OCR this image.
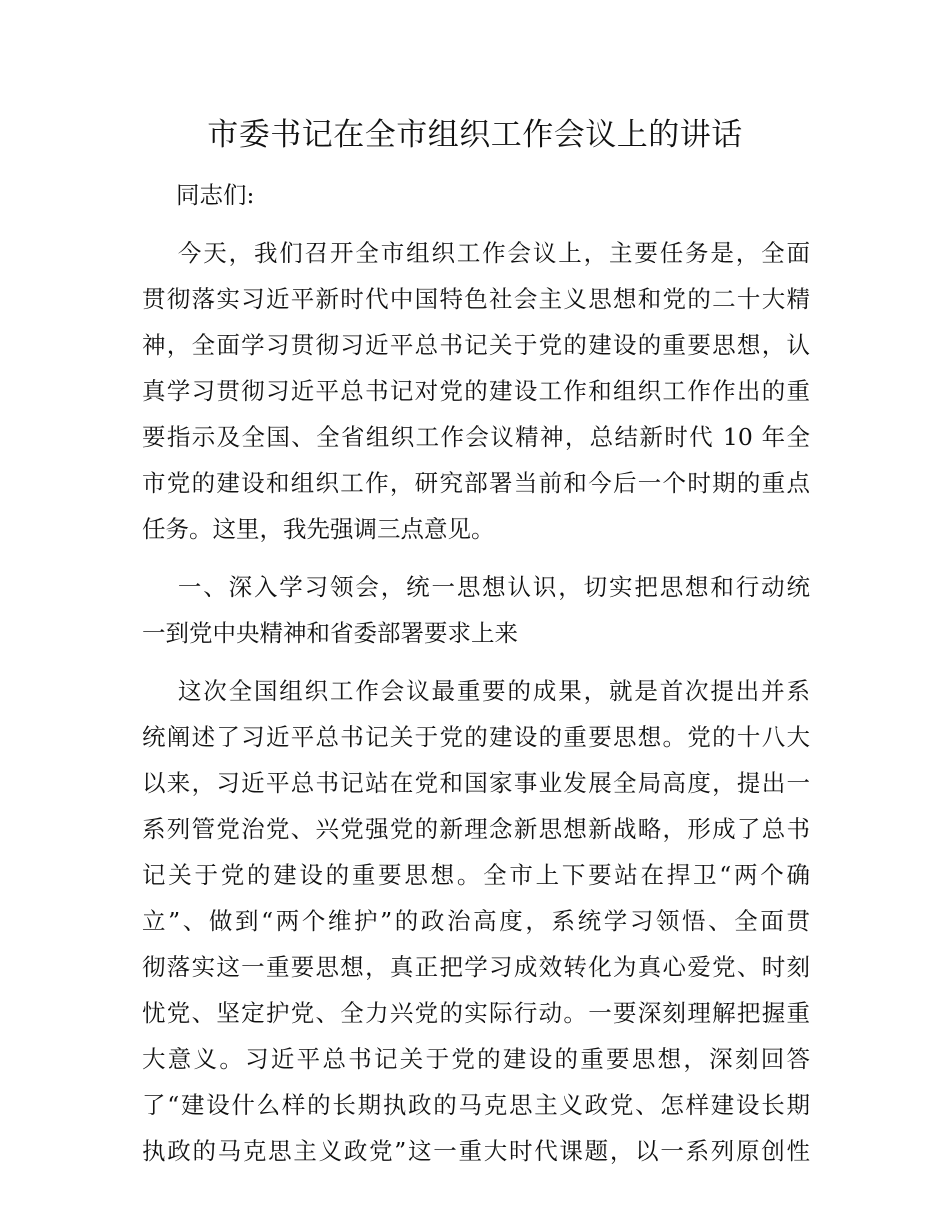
市委书记在全市组织工作会议上的讲话
同志们:
今天，我们召开全市组织工作会议上，主要任务是，全面
贯彻落实习近平新时代中国特色社会主义思想和党的二十大精
神，全面学习贯彻习近平总书记关于党的建设的重要思想，认
真学习贯彻习近平总书记对党的建设工作和组织工作作出的重
要指示及全国、全省组织工作会议精神，总结新时代 10 年全
市党的建设和组织工作，研究部署当前和今后一个时期的重点
任务。这里，我先强调三点意见。
一、深入学习领会，统一思想认识，切实把思想和行动统
一到党中央精神和省委部署要求上来
这次全国组织工作会议最重要的成果，就是首次提出并系
统阐述了习近平总书记关于党的建设的重要思想。党的十八大
以来，习近平总书记站在党和国家事业发展全局高度，提出一
系列管党治党、兴党强党的新理念新思想新战略，形成了总书
记关于党的建设的重要思想。全市上下要站在捍卫“两个确
立”、做到“两个维护”的政治高度，系统学习领悟、全面贯
彻落实这一重要思想，真正把学习成效转化为真心爱党、时刻
忧党、坚定护党、全力兴党的实际行动。一要深刻理解把握重
大意义。习近平总书记关于党的建设的重要思想，深刻回答
了“建设什么样的长期执政的马克思主义政党、怎样建设长期
执政的马克思主义政党”这一重大时代课题，以一系列原创性
